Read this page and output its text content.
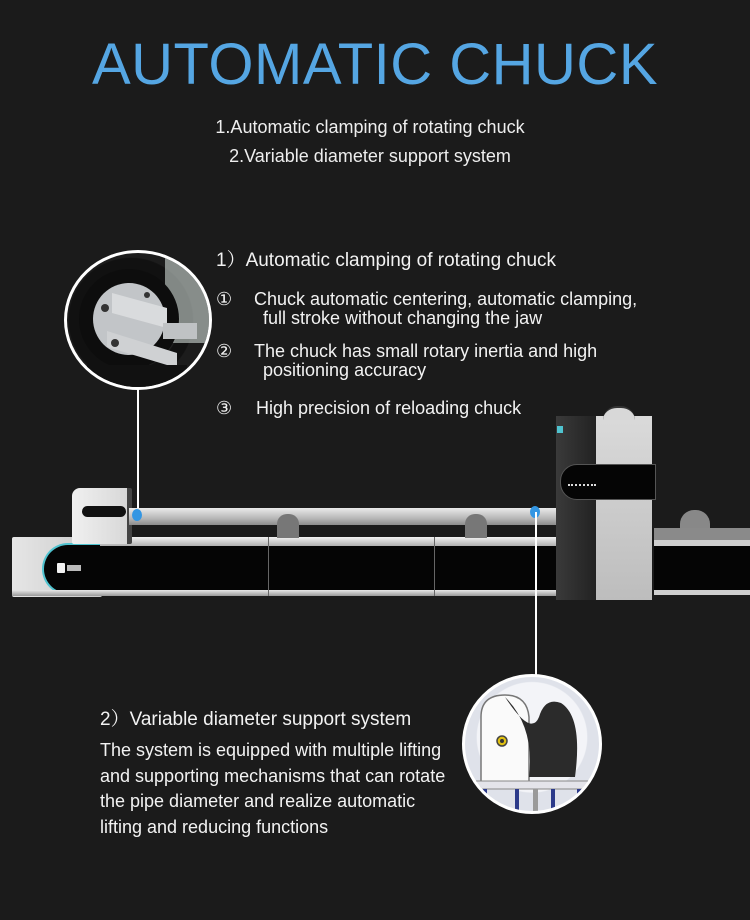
AUTOMATIC CHUCK
1.Automatic clamping of rotating chuck
2.Variable diameter support system
1）Automatic clamping of rotating chuck
① Chuck automatic centering, automatic clamping,
full stroke without changing the jaw
② The chuck has small rotary inertia and high
positioning accuracy
③ High precision of reloading chuck
2）Variable diameter support system
The system is equipped with multiple lifting and supporting mechanisms that can rotate the pipe diameter and realize automatic lifting and reducing functions
